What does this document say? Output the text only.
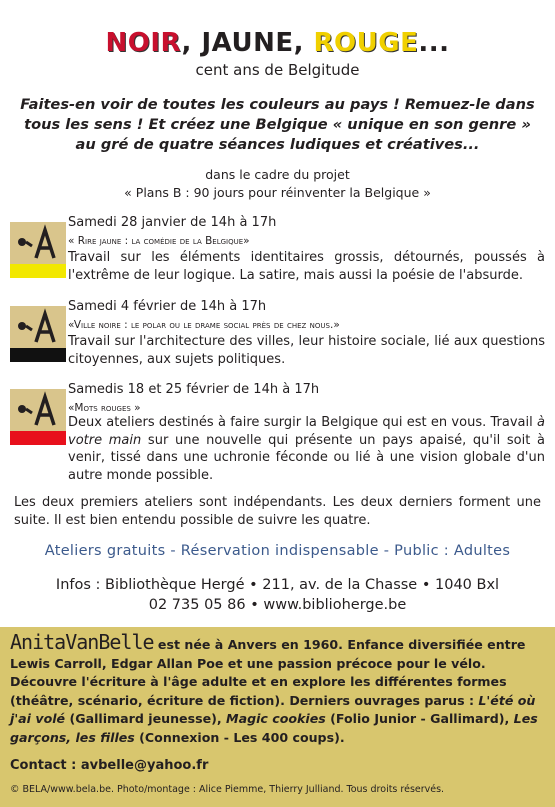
NOIR, JAUNE, ROUGE...
cent ans de Belgitude
Faites-en voir de toutes les couleurs au pays ! Remuez-le dans tous les sens ! Et créez une Belgique « unique en son genre » au gré de quatre séances ludiques et créatives...
dans le cadre du projet
« Plans B : 90 jours pour réinventer la Belgique »
Samedi 28 janvier de 14h à 17h
« Rire jaune : la comédie de la Belgique»
Travail sur les éléments identitaires grossis, détournés, poussés à l'extrême de leur logique. La satire, mais aussi la poésie de l'absurde.
Samedi 4 février de 14h à 17h
«Ville noire : le polar ou le drame social près de chez nous.»
Travail sur l'architecture des villes, leur histoire sociale, lié aux questions citoyennes, aux sujets politiques.
Samedis 18 et 25 février de 14h à 17h
«Mots rouges »
Deux ateliers destinés à faire surgir la Belgique qui est en vous. Travail à votre main sur une nouvelle qui présente un pays apaisé, qu'il soit à venir, tissé dans une uchronie féconde ou lié à une vision globale d'un autre monde possible.
Les deux premiers ateliers sont indépendants. Les deux derniers forment une suite. Il est bien entendu possible de suivre les quatre.
Ateliers gratuits - Réservation indispensable - Public : Adultes
Infos : Bibliothèque Hergé • 211, av. de la Chasse • 1040 Bxl
02 735 05 86 • www.biblioherge.be
AnitaVanBelle est née à Anvers en 1960. Enfance diversifiée entre Lewis Carroll, Edgar Allan Poe et une passion précoce pour le vélo. Découvre l'écriture à l'âge adulte et en explore les différentes formes (théâtre, scénario, écriture de fiction). Derniers ouvrages parus : L'été où j'ai volé (Gallimard jeunesse), Magic cookies (Folio Junior - Gallimard), Les garçons, les filles (Connexion - Les 400 coups).
Contact : avbelle@yahoo.fr
© BELA/www.bela.be. Photo/montage : Alice Piemme, Thierry Julliand. Tous droits réservés.
